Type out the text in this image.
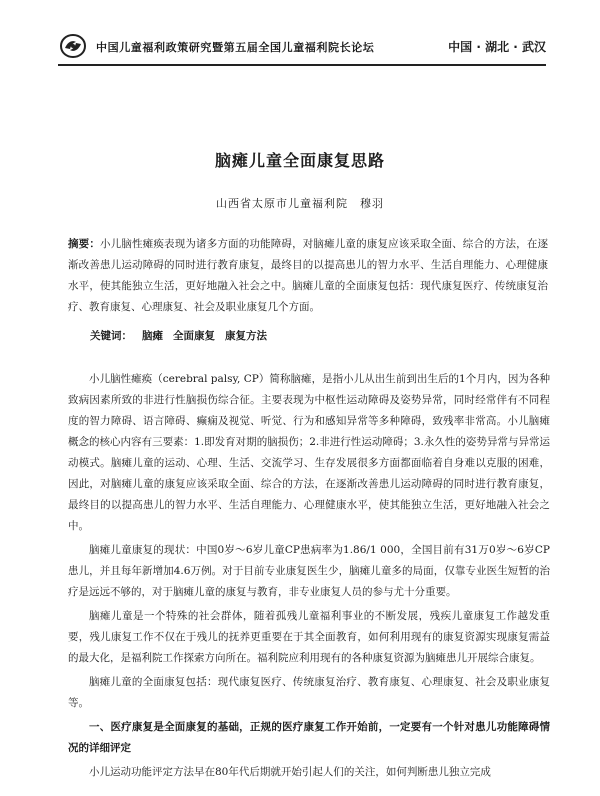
中国儿童福利政策研究暨第五届全国儿童福利院长论坛	中国 · 湖北 · 武汉
脑瘫儿童全面康复思路
山西省太原市儿童福利院 穆羽

摘要：小儿脑性瘫痪表现为诸多方面的功能障碍，对脑瘫儿童的康复应该采取全面、综合的方法，在逐渐改善患儿运动障碍的同时进行教育康复，最终目的以提高患儿的智力水平、生活自理能力、心理健康水平，使其能独立生活，更好地融入社会之中。脑瘫儿童的全面康复包括：现代康复医疗、传统康复治疗、教育康复、心理康复、社会及职业康复几个方面。

关键词： 脑瘫 全面康复 康复方法

小儿脑性瘫痪（cerebral palsy, CP）简称脑瘫，是指小儿从出生前到出生后的1个月内，因为各种致病因素所致的非进行性脑损伤综合征。主要表现为中枢性运动障碍及姿势异常，同时经常伴有不同程度的智力障碍、语言障碍、癫痫及视觉、听觉、行为和感知异常等多种障碍，致残率非常高。小儿脑瘫概念的核心内容有三要素：1.即发育对期的脑损伤；2.非进行性运动障碍；3.永久性的姿势异常与异常运动模式。脑瘫儿童的运动、心理、生活、交流学习、生存发展很多方面都面临着自身难以克服的困难，因此，对脑瘫儿童的康复应该采取全面、综合的方法，在逐渐改善患儿运动障碍的同时进行教育康复，最终目的以提高患儿的智力水平、生活自理能力、心理健康水平，使其能独立生活，更好地融入社会之中。

脑瘫儿童康复的现状：中国0岁～6岁儿童CP患病率为1.86/1 000，全国目前有31万0岁～6岁CP患儿，并且每年新增加4.6万例。对于目前专业康复医生少，脑瘫儿童多的局面，仅靠专业医生短暂的治疗是远远不够的，对于脑瘫儿童的康复与教育，非专业康复人员的参与尤十分重要。

脑瘫儿童是一个特殊的社会群体，随着孤残儿童福利事业的不断发展，残疾儿童康复工作越发重要，残儿康复工作不仅在于残儿的抚养更重要在于其全面教育，如何利用现有的康复资源实现康复需益的最大化，是福利院工作探索方向所在。福利院应利用现有的各种康复资源为脑瘫患儿开展综合康复。

脑瘫儿童的全面康复包括：现代康复医疗、传统康复治疗、教育康复、心理康复、社会及职业康复等。

一、医疗康复是全面康复的基础，正规的医疗康复工作开始前，一定要有一个针对患儿功能障碍情况的详细评定

小儿运动功能评定方法早在80年代后期就开始引起人们的关注，如何判断患儿独立完成
